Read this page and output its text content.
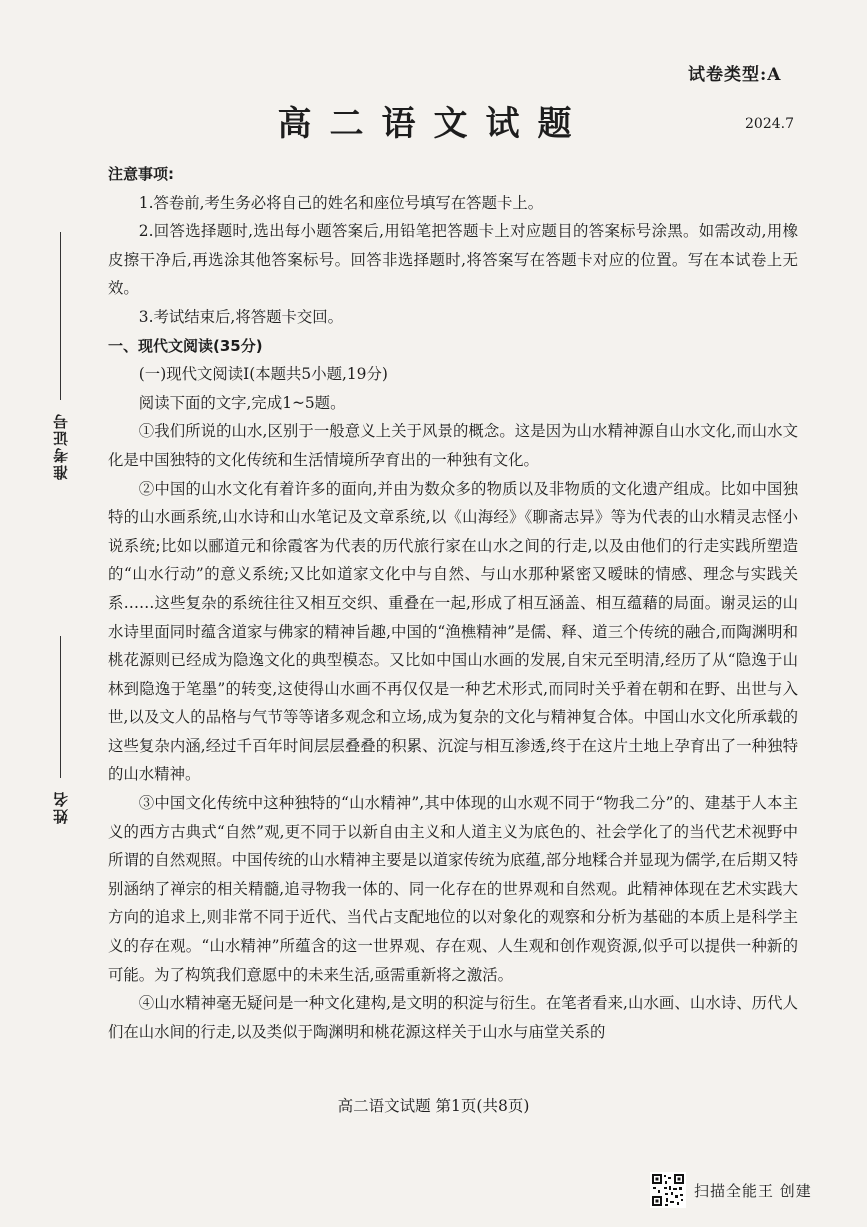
试卷类型:A
高二语文试题	2024.7
准考证号
姓名

注意事项:

1.答卷前,考生务必将自己的姓名和座位号填写在答题卡上。

2.回答选择题时,选出每小题答案后,用铅笔把答题卡上对应题目的答案标号涂黑。如需改动,用橡皮擦干净后,再选涂其他答案标号。回答非选择题时,将答案写在答题卡对应的位置。写在本试卷上无效。

3.考试结束后,将答题卡交回。

一、现代文阅读(35分)

(一)现代文阅读Ⅰ(本题共5小题,19分)

阅读下面的文字,完成1~5题。

①我们所说的山水,区别于一般意义上关于风景的概念。这是因为山水精神源自山水文化,而山水文化是中国独特的文化传统和生活情境所孕育出的一种独有文化。

②中国的山水文化有着许多的面向,并由为数众多的物质以及非物质的文化遗产组成。比如中国独特的山水画系统,山水诗和山水笔记及文章系统,以《山海经》《聊斋志异》等为代表的山水精灵志怪小说系统;比如以郦道元和徐霞客为代表的历代旅行家在山水之间的行走,以及由他们的行走实践所塑造的“山水行动”的意义系统;又比如道家文化中与自然、与山水那种紧密又暧昧的情感、理念与实践关系……这些复杂的系统往往又相互交织、重叠在一起,形成了相互涵盖、相互蕴藉的局面。谢灵运的山水诗里面同时蕴含道家与佛家的精神旨趣,中国的“渔樵精神”是儒、释、道三个传统的融合,而陶渊明和桃花源则已经成为隐逸文化的典型模态。又比如中国山水画的发展,自宋元至明清,经历了从“隐逸于山林到隐逸于笔墨”的转变,这使得山水画不再仅仅是一种艺术形式,而同时关乎着在朝和在野、出世与入世,以及文人的品格与气节等等诸多观念和立场,成为复杂的文化与精神复合体。中国山水文化所承载的这些复杂内涵,经过千百年时间层层叠叠的积累、沉淀与相互渗透,终于在这片土地上孕育出了一种独特的山水精神。

③中国文化传统中这种独特的“山水精神”,其中体现的山水观不同于“物我二分”的、建基于人本主义的西方古典式“自然”观,更不同于以新自由主义和人道主义为底色的、社会学化了的当代艺术视野中所谓的自然观照。中国传统的山水精神主要是以道家传统为底蕴,部分地糅合并显现为儒学,在后期又特别涵纳了禅宗的相关精髓,追寻物我一体的、同一化存在的世界观和自然观。此精神体现在艺术实践大方向的追求上,则非常不同于近代、当代占支配地位的以对象化的观察和分析为基础的本质上是科学主义的存在观。“山水精神”所蕴含的这一世界观、存在观、人生观和创作观资源,似乎可以提供一种新的可能。为了构筑我们意愿中的未来生活,亟需重新将之激活。

④山水精神毫无疑问是一种文化建构,是文明的积淀与衍生。在笔者看来,山水画、山水诗、历代人们在山水间的行走,以及类似于陶渊明和桃花源这样关于山水与庙堂关系的

高二语文试题 第1页(共8页)
扫描全能王 创建
